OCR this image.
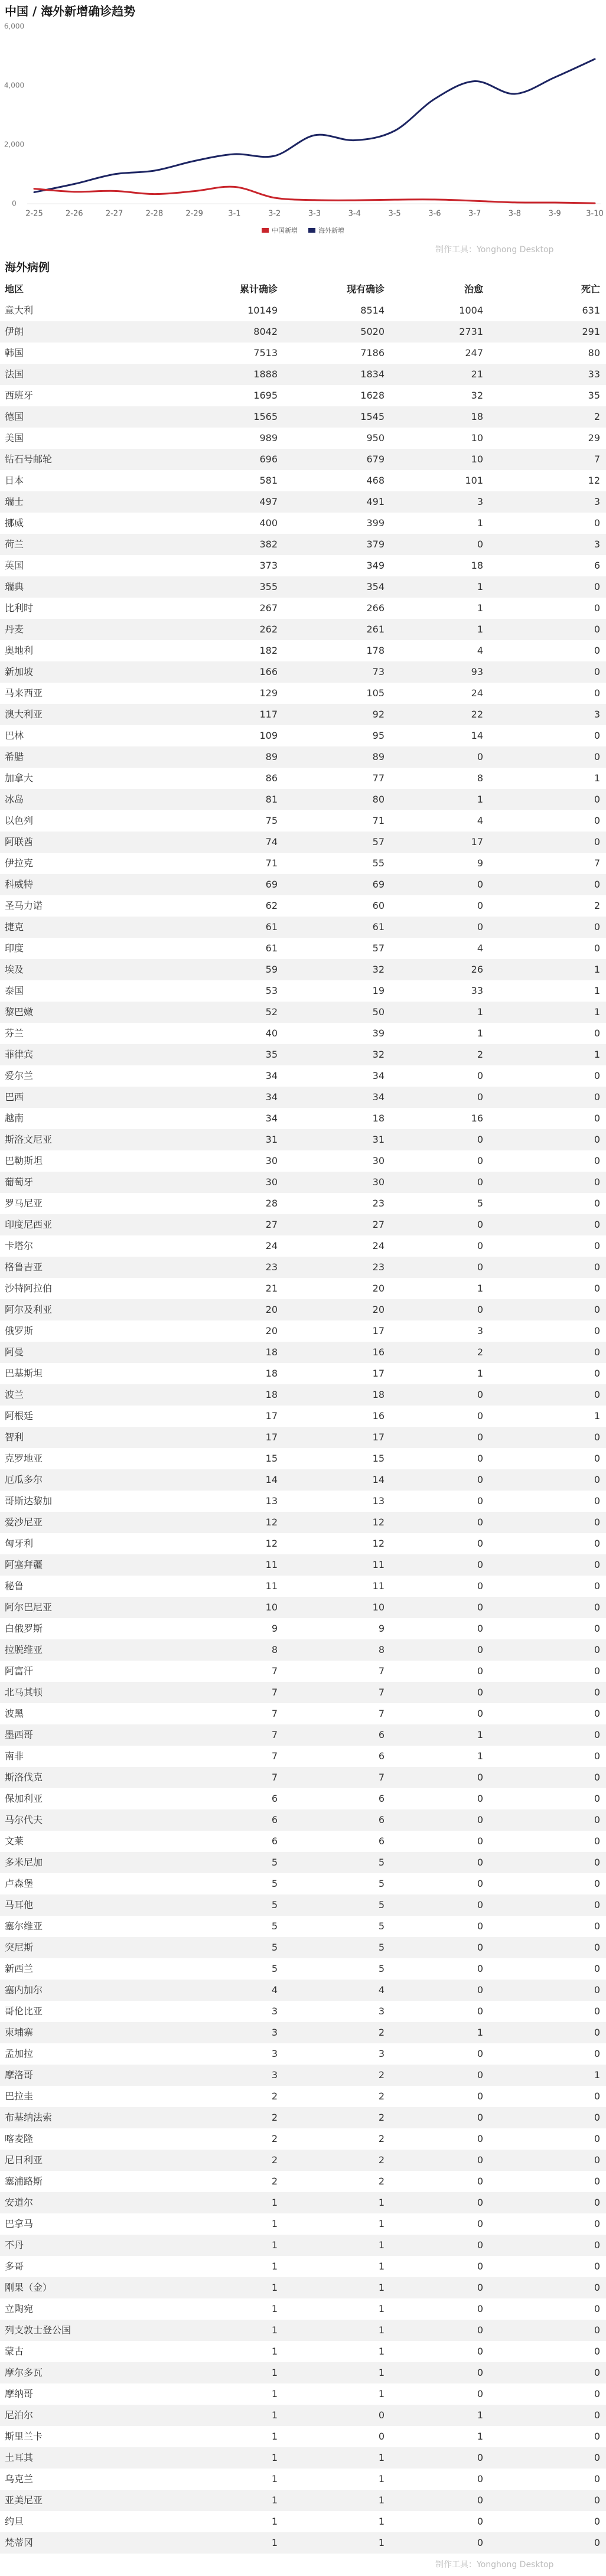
中国 / 海外新增确诊趋势
0
2,000
4,000
6,000
2-25	2-26	2-27	2-28	2-29	3-1	3-2	3-3	3-4	3-5	3-6	3-7	3-8	3-9	3-10
中国新增	海外新增
制作工具：Yonghong Desktop
海外病例
地区	累计确诊	现有确诊	治愈	死亡
意大利	10149	8514	1004	631
伊朗	8042	5020	2731	291
韩国	7513	7186	247	80
法国	1888	1834	21	33
西班牙	1695	1628	32	35
德国	1565	1545	18	2
美国	989	950	10	29
钻石号邮轮	696	679	10	7
日本	581	468	101	12
瑞士	497	491	3	3
挪威	400	399	1	0
荷兰	382	379	0	3
英国	373	349	18	6
瑞典	355	354	1	0
比利时	267	266	1	0
丹麦	262	261	1	0
奥地利	182	178	4	0
新加坡	166	73	93	0
马来西亚	129	105	24	0
澳大利亚	117	92	22	3
巴林	109	95	14	0
希腊	89	89	0	0
加拿大	86	77	8	1
冰岛	81	80	1	0
以色列	75	71	4	0
阿联酋	74	57	17	0
伊拉克	71	55	9	7
科威特	69	69	0	0
圣马力诺	62	60	0	2
捷克	61	61	0	0
印度	61	57	4	0
埃及	59	32	26	1
泰国	53	19	33	1
黎巴嫩	52	50	1	1
芬兰	40	39	1	0
菲律宾	35	32	2	1
爱尔兰	34	34	0	0
巴西	34	34	0	0
越南	34	18	16	0
斯洛文尼亚	31	31	0	0
巴勒斯坦	30	30	0	0
葡萄牙	30	30	0	0
罗马尼亚	28	23	5	0
印度尼西亚	27	27	0	0
卡塔尔	24	24	0	0
格鲁吉亚	23	23	0	0
沙特阿拉伯	21	20	1	0
阿尔及利亚	20	20	0	0
俄罗斯	20	17	3	0
阿曼	18	16	2	0
巴基斯坦	18	17	1	0
波兰	18	18	0	0
阿根廷	17	16	0	1
智利	17	17	0	0
克罗地亚	15	15	0	0
厄瓜多尔	14	14	0	0
哥斯达黎加	13	13	0	0
爱沙尼亚	12	12	0	0
匈牙利	12	12	0	0
阿塞拜疆	11	11	0	0
秘鲁	11	11	0	0
阿尔巴尼亚	10	10	0	0
白俄罗斯	9	9	0	0
拉脱维亚	8	8	0	0
阿富汗	7	7	0	0
北马其顿	7	7	0	0
波黑	7	7	0	0
墨西哥	7	6	1	0
南非	7	6	1	0
斯洛伐克	7	7	0	0
保加利亚	6	6	0	0
马尔代夫	6	6	0	0
文莱	6	6	0	0
多米尼加	5	5	0	0
卢森堡	5	5	0	0
马耳他	5	5	0	0
塞尔维亚	5	5	0	0
突尼斯	5	5	0	0
新西兰	5	5	0	0
塞内加尔	4	4	0	0
哥伦比亚	3	3	0	0
柬埔寨	3	2	1	0
孟加拉	3	3	0	0
摩洛哥	3	2	0	1
巴拉圭	2	2	0	0
布基纳法索	2	2	0	0
喀麦隆	2	2	0	0
尼日利亚	2	2	0	0
塞浦路斯	2	2	0	0
安道尔	1	1	0	0
巴拿马	1	1	0	0
不丹	1	1	0	0
多哥	1	1	0	0
刚果（金）	1	1	0	0
立陶宛	1	1	0	0
列支敦士登公国	1	1	0	0
蒙古	1	1	0	0
摩尔多瓦	1	1	0	0
摩纳哥	1	1	0	0
尼泊尔	1	0	1	0
斯里兰卡	1	0	1	0
土耳其	1	1	0	0
乌克兰	1	1	0	0
亚美尼亚	1	1	0	0
约旦	1	1	0	0
梵蒂冈	1	1	0	0
制作工具：Yonghong Desktop
